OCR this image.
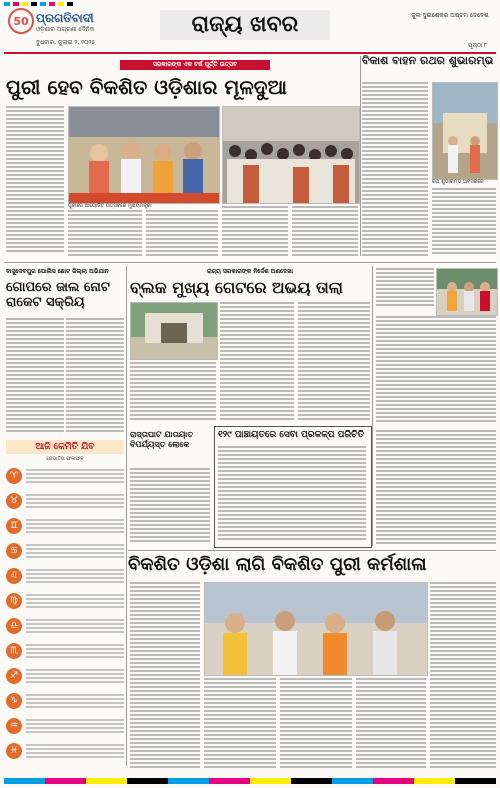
50 ପ୍ରଗତିବାଦୀ
ଓଡ଼ିଶାର ଅଗ୍ରଣୀ ଦୈନିକ
ବୁଧବାର, ଜୁଲାଇ ୨, ୨୦୨୫
ରାଜ୍ୟ ଖବର	ଜୁଲ ଦୁଇଶେକର ଅଷ୍ଟମ ଦେବେଶ
ପୃଷ୍ଠା ୮
ସରକାରଙ୍କ ଏକ ବର୍ଷ ପୂର୍ତ୍ତି ଉତ୍ସବ
ପୁରୀ ହେବ ବିକଶିତ ଓଡ଼ିଶାର ମୂଳଦୁଆ
ପୁରୀରେ ଆୟୋଜିତ ଉତ୍ସବରେ ମୁଖ୍ୟମନ୍ତ୍ରୀ
ବିକାଶ ବାହନ ରଥର ଶୁଭାରମ୍ଭ
ରଥ ଶୁଭାରମ୍ଭ ଅବସରରେ
ବାସୁଦେବପୁର ପୋଲିସ ଛୋଟ ଜିଲ୍ଲା ଅଭିଯାନ
ଗୋପରେ ଜାଲ ନୋଟ ରାକେଟ ସକ୍ରିୟ
ରାଜ୍ୟ ସରକାରଙ୍କ ନିର୍ଦ୍ଦେଶ ଅଣଦେଖା
ବ୍ଲକ ମୁଖ୍ୟ ଗେଟରେ ଅଭୟ ତାଲା
ଆଜି କେମିତି ଯିବ
ଜ୍ୟୋତିଷ ଫଳାଫଳ
♈
♉
♊
♋
♌
♍
♎
♏
♐
♑
♒
♓
ରାସ୍ତାଘାଟ ଯାତାୟାତ ବିପର୍ଯ୍ୟସ୍ତ ଲୋକେ
୧୨୯ ପାଞ୍ଚାୟତରେ ସେବା ପ୍ରକଳ୍ପ ପରିଚିତି
ବିକଶିତ ଓଡ଼ିଶା ଲାଗି ବିକଶିତ ପୁରୀ କର୍ମଶାଳା
